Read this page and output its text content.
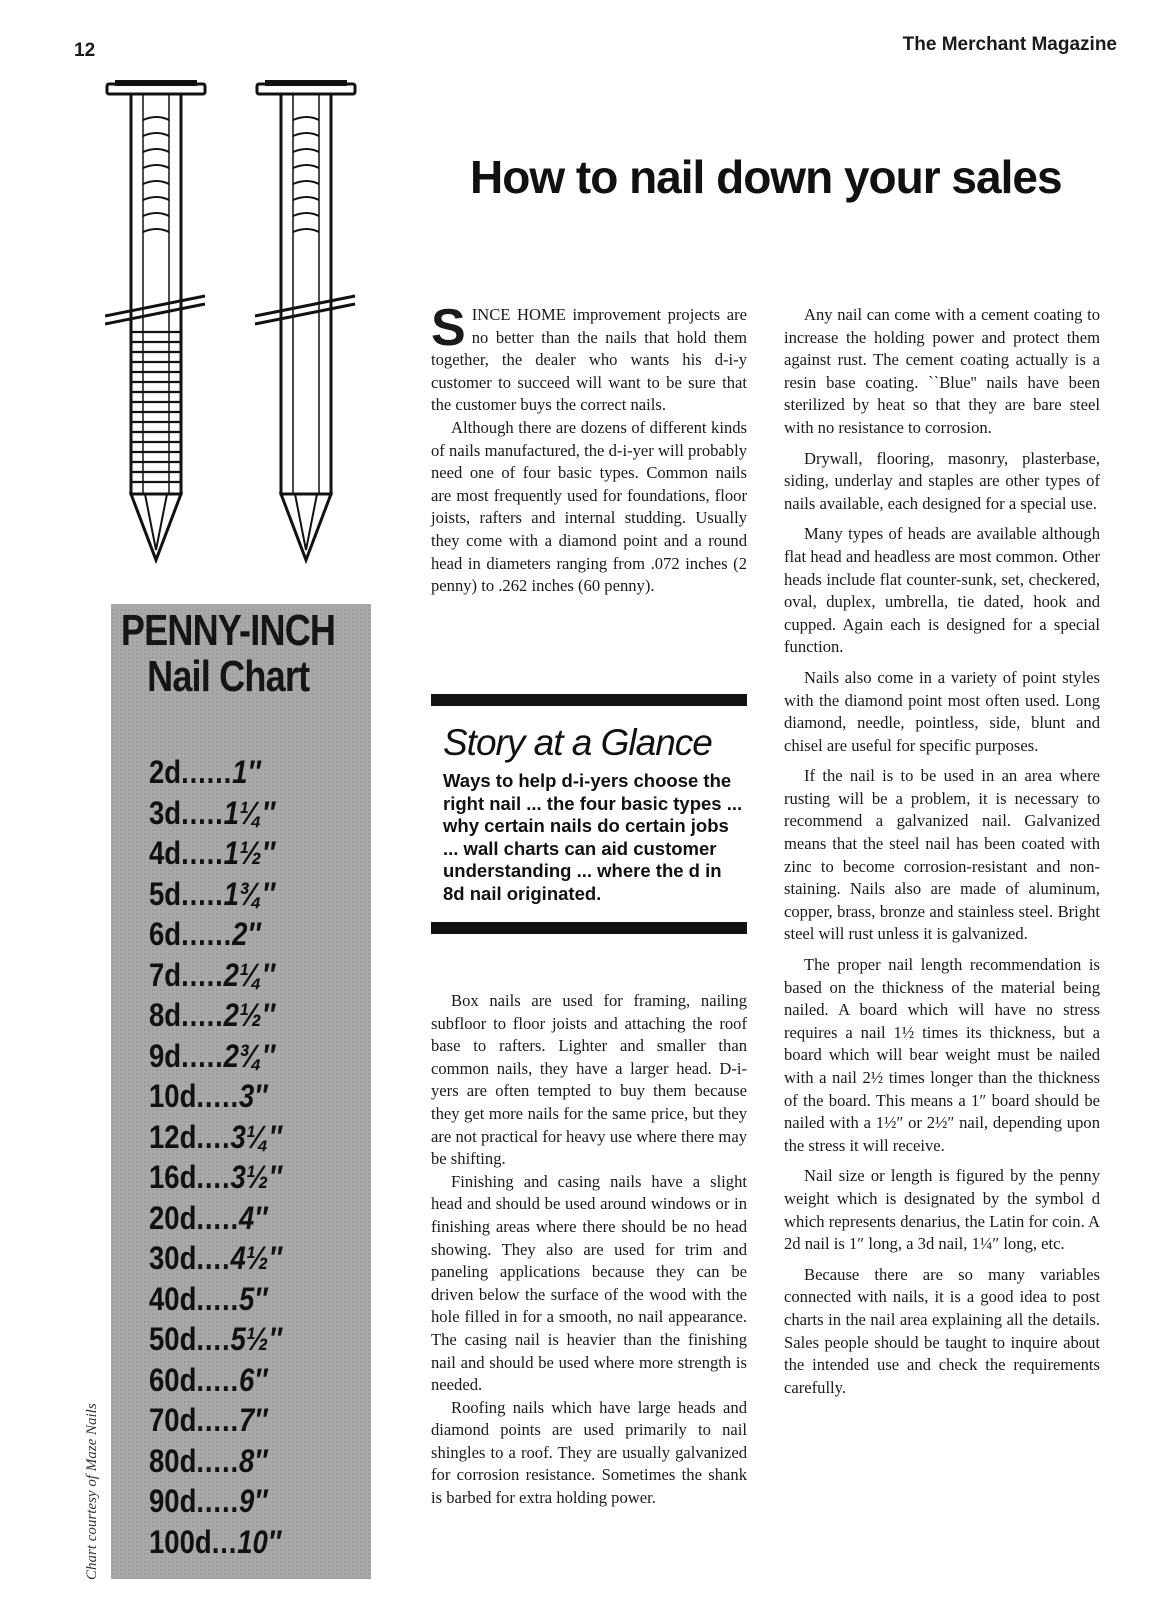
12	The Merchant Magazine
How to nail down your sales
PENNY-INCH
Nail Chart
2d......1″
3d.....1¼″
4d.....1½″
5d.....1¾″
6d......2″
7d.....2¼″
8d.....2½″
9d.....2¾″
10d.....3″
12d....3¼″
16d....3½″
20d.....4″
30d....4½″
40d.....5″
50d....5½″
60d.....6″
70d.....7″
80d.....8″
90d.....9″
100d...10″
Chart courtesy of Maze Nails

SINCE HOME improvement projects are no better than the nails that hold them together, the dealer who wants his d-i-y customer to succeed will want to be sure that the customer buys the correct nails.

Although there are dozens of different kinds of nails manufactured, the d-i-yer will probably need one of four basic types. Common nails are most frequently used for foundations, floor joists, rafters and internal studding. Usually they come with a diamond point and a round head in diameters ranging from .072 inches (2 penny) to .262 inches (60 penny).

Story at a Glance
Ways to help d-i-yers choose the right nail ... the four basic types ... why certain nails do certain jobs ... wall charts can aid customer understanding ... where the d in 8d nail originated.

Box nails are used for framing, nailing subfloor to floor joists and attaching the roof base to rafters. Lighter and smaller than common nails, they have a larger head. D-i-yers are often tempted to buy them because they get more nails for the same price, but they are not practical for heavy use where there may be shifting.

Finishing and casing nails have a slight head and should be used around windows or in finishing areas where there should be no head showing. They also are used for trim and paneling applications because they can be driven below the surface of the wood with the hole filled in for a smooth, no nail appearance. The casing nail is heavier than the finishing nail and should be used where more strength is needed.

Roofing nails which have large heads and diamond points are used primarily to nail shingles to a roof. They are usually galvanized for corrosion resistance. Sometimes the shank is barbed for extra holding power.

Any nail can come with a cement coating to increase the holding power and protect them against rust. The cement coating actually is a resin base coating. ``Blue'' nails have been sterilized by heat so that they are bare steel with no resistance to corrosion.

Drywall, flooring, masonry, plasterbase, siding, underlay and staples are other types of nails available, each designed for a special use.

Many types of heads are available although flat head and headless are most common. Other heads include flat counter-sunk, set, checkered, oval, duplex, umbrella, tie dated, hook and cupped. Again each is designed for a special function.

Nails also come in a variety of point styles with the diamond point most often used. Long diamond, needle, pointless, side, blunt and chisel are useful for specific purposes.

If the nail is to be used in an area where rusting will be a problem, it is necessary to recommend a galvanized nail. Galvanized means that the steel nail has been coated with zinc to become corrosion-resistant and non-staining. Nails also are made of aluminum, copper, brass, bronze and stainless steel. Bright steel will rust unless it is galvanized.

The proper nail length recommendation is based on the thickness of the material being nailed. A board which will have no stress requires a nail 1½ times its thickness, but a board which will bear weight must be nailed with a nail 2½ times longer than the thickness of the board. This means a 1″ board should be nailed with a 1½″ or 2½″ nail, depending upon the stress it will receive.

Nail size or length is figured by the penny weight which is designated by the symbol d which represents denarius, the Latin for coin. A 2d nail is 1″ long, a 3d nail, 1¼″ long, etc.

Because there are so many variables connected with nails, it is a good idea to post charts in the nail area explaining all the details. Sales people should be taught to inquire about the intended use and check the requirements carefully.
